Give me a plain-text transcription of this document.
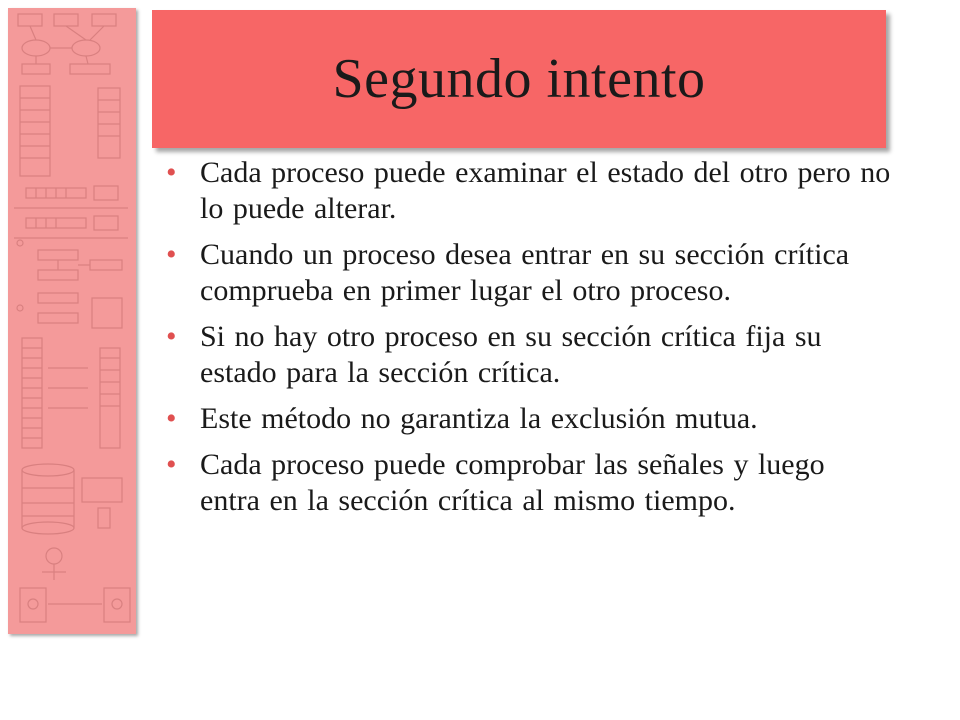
Segundo intento
• Cada proceso puede examinar el estado del otro pero no lo puede alterar.
• Cuando un proceso desea entrar en su sección crítica comprueba en primer lugar el otro proceso.
• Si no hay otro proceso en su sección crítica fija su estado para la sección crítica.
• Este método no garantiza la exclusión mutua.
• Cada proceso puede comprobar las señales y luego entra en la sección crítica al mismo tiempo.
